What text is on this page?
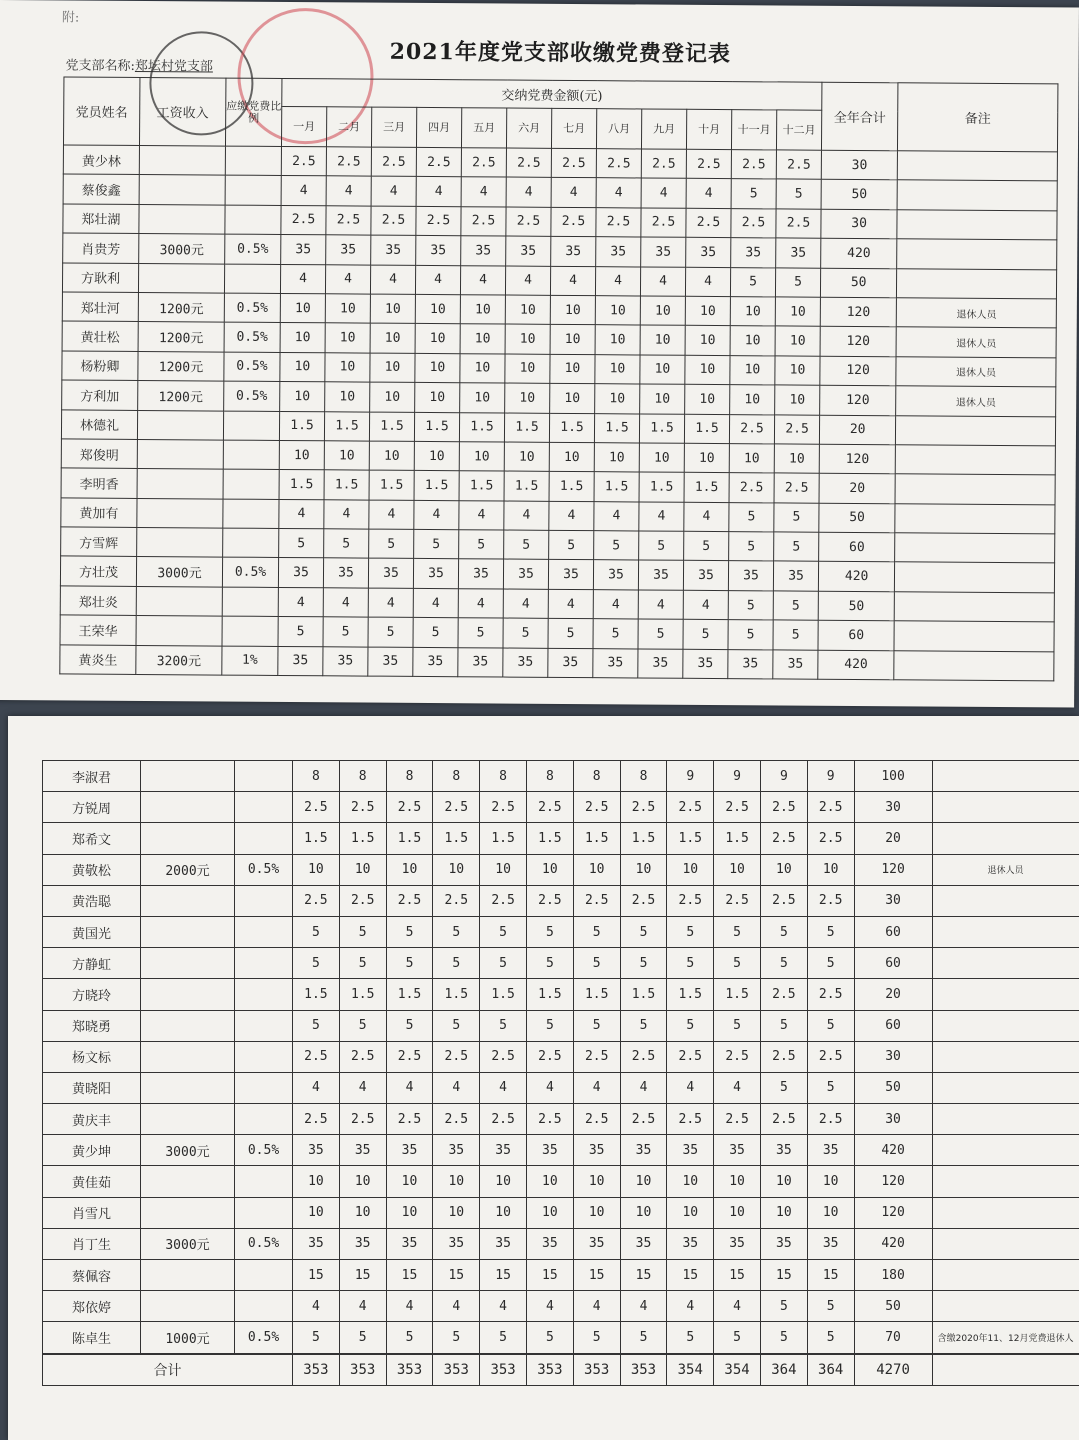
附:
2021年度党支部收缴党费登记表
党支部名称:郑坛村党支部
党员姓名	工资收入	应缴党费比例	交纳党费金额(元)												全年合计	备注
			一月	二月	三月	四月	五月	六月	七月	八月	九月	十月	十一月	十二月		
黄少林			2.5	2.5	2.5	2.5	2.5	2.5	2.5	2.5	2.5	2.5	2.5	2.5	30	
蔡俊鑫			4	4	4	4	4	4	4	4	4	4	5	5	50	
郑壮湖			2.5	2.5	2.5	2.5	2.5	2.5	2.5	2.5	2.5	2.5	2.5	2.5	30	
肖贵芳	3000元	0.5%	35	35	35	35	35	35	35	35	35	35	35	35	420	
方耿利			4	4	4	4	4	4	4	4	4	4	5	5	50	
郑壮河	1200元	0.5%	10	10	10	10	10	10	10	10	10	10	10	10	120	退休人员
黄壮松	1200元	0.5%	10	10	10	10	10	10	10	10	10	10	10	10	120	退休人员
杨粉卿	1200元	0.5%	10	10	10	10	10	10	10	10	10	10	10	10	120	退休人员
方利加	1200元	0.5%	10	10	10	10	10	10	10	10	10	10	10	10	120	退休人员
林德礼			1.5	1.5	1.5	1.5	1.5	1.5	1.5	1.5	1.5	1.5	2.5	2.5	20	
郑俊明			10	10	10	10	10	10	10	10	10	10	10	10	120	
李明香			1.5	1.5	1.5	1.5	1.5	1.5	1.5	1.5	1.5	1.5	2.5	2.5	20	
黄加有			4	4	4	4	4	4	4	4	4	4	5	5	50	
方雪辉			5	5	5	5	5	5	5	5	5	5	5	5	60	
方壮茂	3000元	0.5%	35	35	35	35	35	35	35	35	35	35	35	35	420	
郑壮炎			4	4	4	4	4	4	4	4	4	4	5	5	50	
王荣华			5	5	5	5	5	5	5	5	5	5	5	5	60	
黄炎生	3200元	1%	35	35	35	35	35	35	35	35	35	35	35	35	420	
李淑君			8	8	8	8	8	8	8	8	9	9	9	9	100	
方锐周			2.5	2.5	2.5	2.5	2.5	2.5	2.5	2.5	2.5	2.5	2.5	2.5	30	
郑希文			1.5	1.5	1.5	1.5	1.5	1.5	1.5	1.5	1.5	1.5	2.5	2.5	20	
黄敬松	2000元	0.5%	10	10	10	10	10	10	10	10	10	10	10	10	120	退休人员
黄浩聪			2.5	2.5	2.5	2.5	2.5	2.5	2.5	2.5	2.5	2.5	2.5	2.5	30	
黄国光			5	5	5	5	5	5	5	5	5	5	5	5	60	
方静虹			5	5	5	5	5	5	5	5	5	5	5	5	60	
方晓玲			1.5	1.5	1.5	1.5	1.5	1.5	1.5	1.5	1.5	1.5	2.5	2.5	20	
郑晓勇			5	5	5	5	5	5	5	5	5	5	5	5	60	
杨文标			2.5	2.5	2.5	2.5	2.5	2.5	2.5	2.5	2.5	2.5	2.5	2.5	30	
黄晓阳			4	4	4	4	4	4	4	4	4	4	5	5	50	
黄庆丰			2.5	2.5	2.5	2.5	2.5	2.5	2.5	2.5	2.5	2.5	2.5	2.5	30	
黄少坤	3000元	0.5%	35	35	35	35	35	35	35	35	35	35	35	35	420	
黄佳茹			10	10	10	10	10	10	10	10	10	10	10	10	120	
肖雪凡			10	10	10	10	10	10	10	10	10	10	10	10	120	
肖丁生	3000元	0.5%	35	35	35	35	35	35	35	35	35	35	35	35	420	
蔡佩容			15	15	15	15	15	15	15	15	15	15	15	15	180	
郑依婷			4	4	4	4	4	4	4	4	4	4	5	5	50	
陈卓生	1000元	0.5%	5	5	5	5	5	5	5	5	5	5	5	5	70	含缴2020年11、12月党费退休人
合计			353	353	353	353	353	353	353	353	354	354	364	364	4270	
